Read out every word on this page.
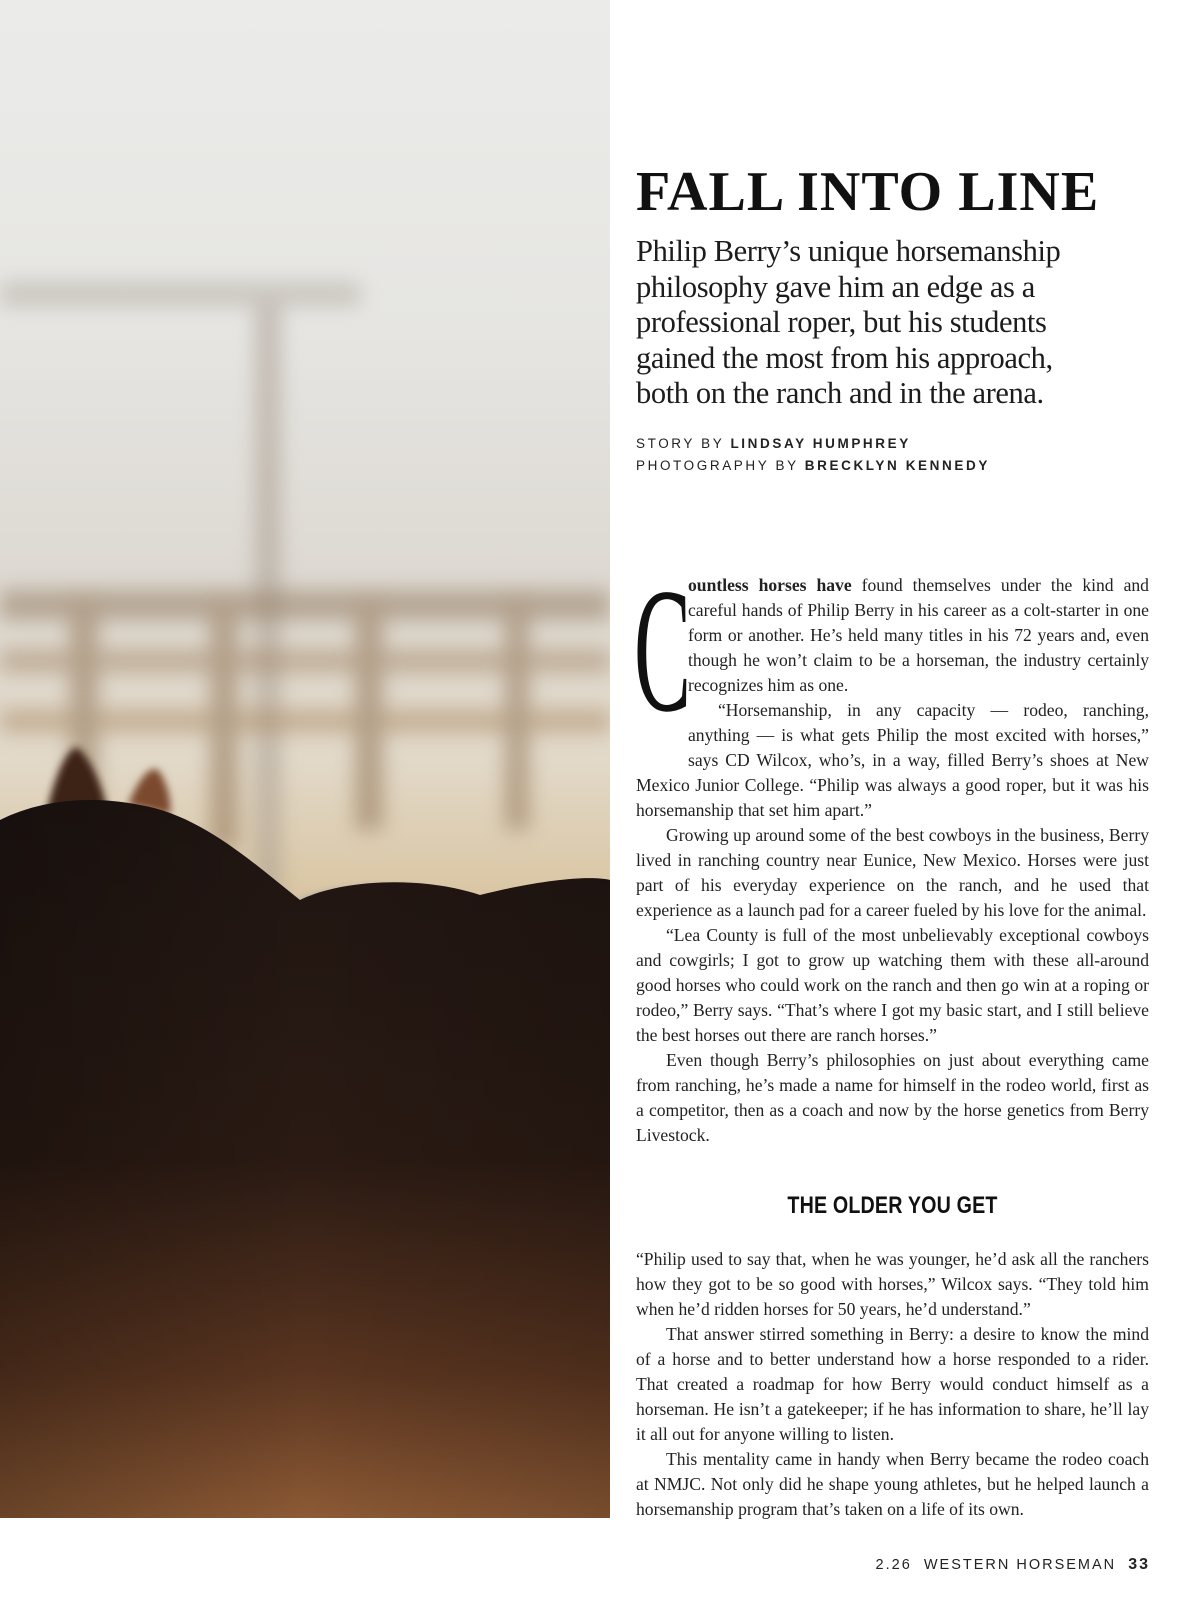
FALL INTO LINE

Philip Berry’s unique horsemanship philosophy gave him an edge as a professional roper, but his students gained the most from his approach, both on the ranch and in the arena.

STORY BY LINDSAY HUMPHREY
PHOTOGRAPHY BY BRECKLYN KENNEDY

C
ountless horses have found themselves under the kind and careful hands of Philip Berry in his career as a colt-starter in one form or another. He’s held many titles in his 72 years and, even though he won’t claim to be a horseman, the industry certainly recognizes him as one.

“Horsemanship, in any capacity — rodeo, ranching, anything — is what gets Philip the most excited with horses,” says CD Wilcox, who’s, in a way, filled Berry’s shoes at New Mexico Junior College. “Philip was always a good roper, but it was his horsemanship that set him apart.”

Growing up around some of the best cowboys in the business, Berry lived in ranching country near Eunice, New Mexico. Horses were just part of his everyday experience on the ranch, and he used that experience as a launch pad for a career fueled by his love for the animal.

“Lea County is full of the most unbelievably exceptional cowboys and cowgirls; I got to grow up watching them with these all-around good horses who could work on the ranch and then go win at a roping or rodeo,” Berry says. “That’s where I got my basic start, and I still believe the best horses out there are ranch horses.”

Even though Berry’s philosophies on just about everything came from ranching, he’s made a name for himself in the rodeo world, first as a competitor, then as a coach and now by the horse genetics from Berry Livestock.

THE OLDER YOU GET

“Philip used to say that, when he was younger, he’d ask all the ranchers how they got to be so good with horses,” Wilcox says. “They told him when he’d ridden horses for 50 years, he’d understand.”

That answer stirred something in Berry: a desire to know the mind of a horse and to better understand how a horse responded to a rider. That created a roadmap for how Berry would conduct himself as a horseman. He isn’t a gatekeeper; if he has information to share, he’ll lay it all out for anyone willing to listen.

This mentality came in handy when Berry became the rodeo coach at NMJC. Not only did he shape young athletes, but he helped launch a horsemanship program that’s taken on a life of its own.

2.26 WESTERN HORSEMAN 33
